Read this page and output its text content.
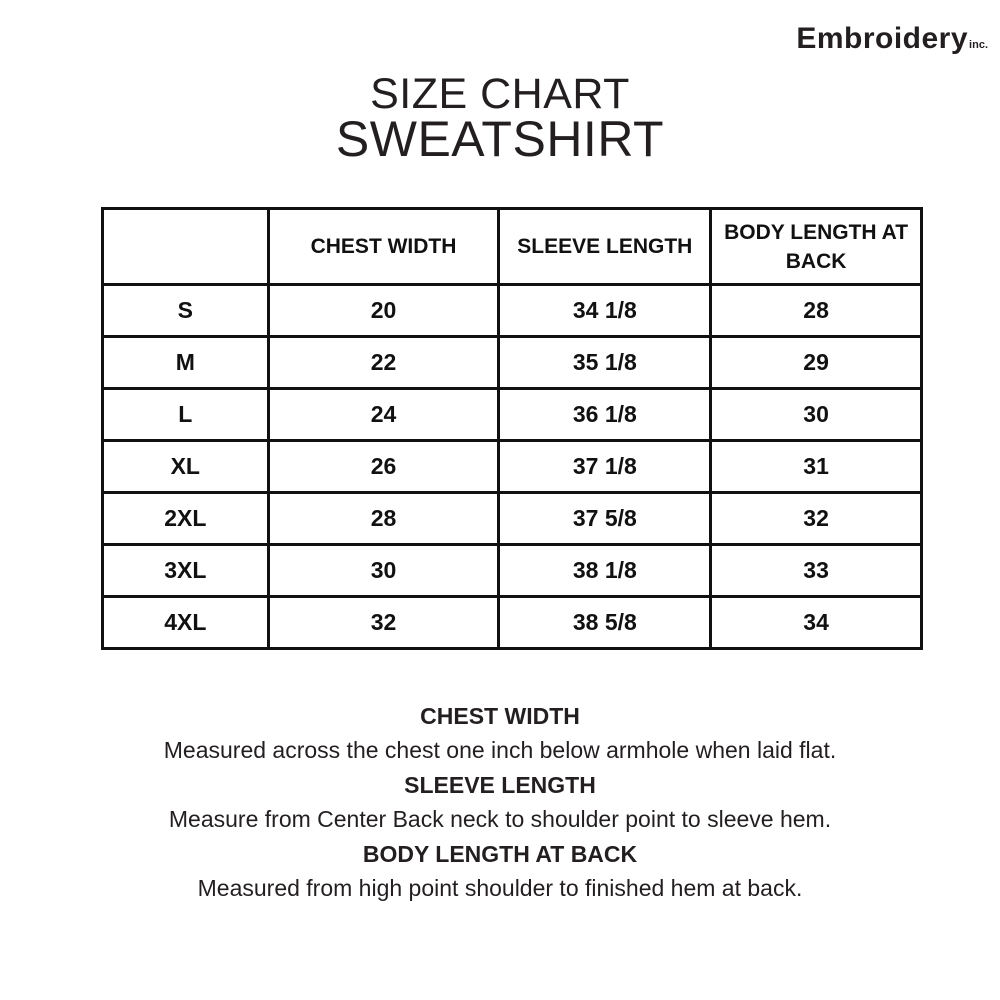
Embroidery inc.
SIZE CHART
SWEATSHIRT
	CHEST WIDTH	SLEEVE LENGTH	BODY LENGTH AT BACK
S	20	34 1/8	28
M	22	35 1/8	29
L	24	36 1/8	30
XL	26	37 1/8	31
2XL	28	37 5/8	32
3XL	30	38 1/8	33
4XL	32	38 5/8	34
CHEST WIDTH
Measured across the chest one inch below armhole when laid flat.
SLEEVE LENGTH
Measure from Center Back neck to shoulder point to sleeve hem.
BODY LENGTH AT BACK
Measured from high point shoulder to finished hem at back.
